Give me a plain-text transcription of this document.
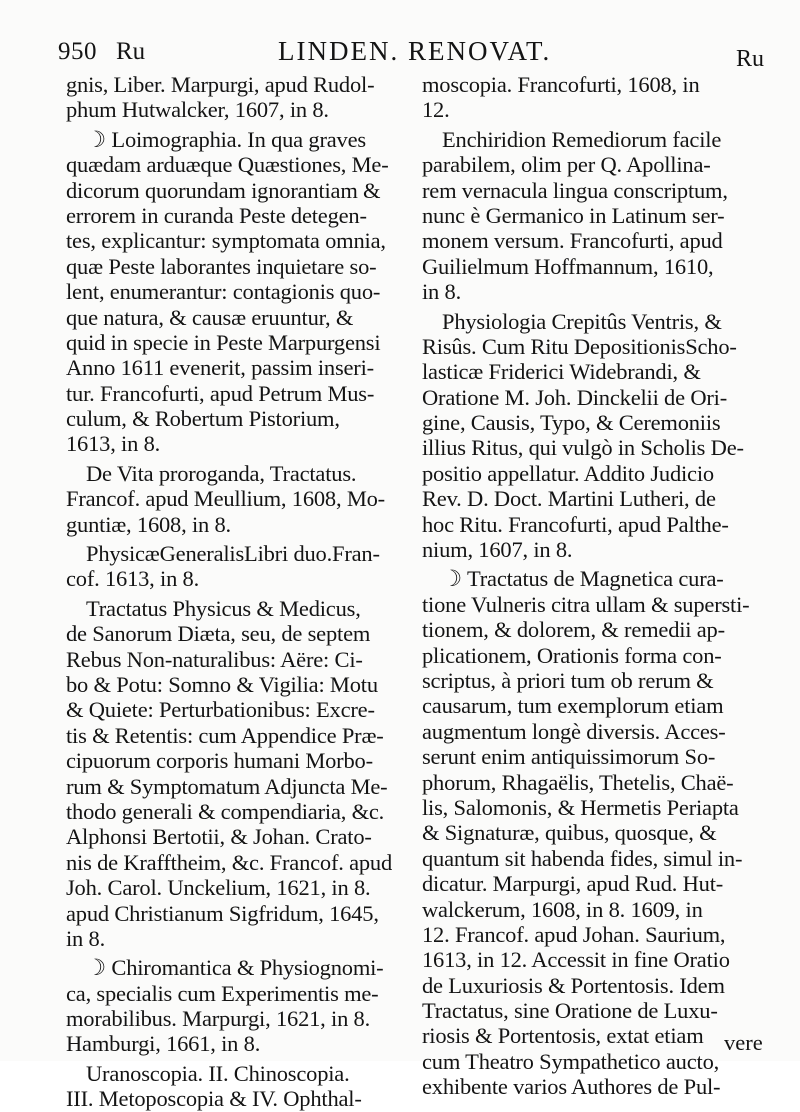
950 Ru	LINDEN. RENOVAT.	Ru
gnis, Liber. Marpurgi, apud Rudol-
phum Hutwalcker, 1607, in 8.
☽ Loimographia. In qua graves
quædam arduæque Quæstiones, Me-
dicorum quorundam ignorantiam &
errorem in curanda Peste detegen-
tes, explicantur: symptomata omnia,
quæ Peste laborantes inquietare so-
lent, enumerantur: contagionis quo-
que natura, & causæ eruuntur, &
quid in specie in Peste Marpurgensi
Anno 1611 evenerit, passim inseri-
tur. Francofurti, apud Petrum Mus-
culum, & Robertum Pistorium,
1613, in 8.
De Vita proroganda, Tractatus.
Francof. apud Meullium, 1608, Mo-
guntiæ, 1608, in 8.
PhysicæGeneralisLibri duo.Fran-
cof. 1613, in 8.
Tractatus Physicus & Medicus,
de Sanorum Diæta, seu, de septem
Rebus Non-naturalibus: Aëre: Ci-
bo & Potu: Somno & Vigilia: Motu
& Quiete: Perturbationibus: Excre-
tis & Retentis: cum Appendice Præ-
cipuorum corporis humani Morbo-
rum & Symptomatum Adjuncta Me-
thodo generali & compendiaria, &c.
Alphonsi Bertotii, & Johan. Crato-
nis de Krafftheim, &c. Francof. apud
Joh. Carol. Unckelium, 1621, in 8.
apud Christianum Sigfridum, 1645,
in 8.
☽ Chiromantica & Physiognomi-
ca, specialis cum Experimentis me-
morabilibus. Marpurgi, 1621, in 8.
Hamburgi, 1661, in 8.
Uranoscopia. II. Chinoscopia.
III. Metoposcopia & IV. Ophthal-
moscopia. Francofurti, 1608, in
12.
Enchiridion Remediorum facile
parabilem, olim per Q. Apollina-
rem vernacula lingua conscriptum,
nunc è Germanico in Latinum ser-
monem versum. Francofurti, apud
Guilielmum Hoffmannum, 1610,
in 8.
Physiologia Crepitûs Ventris, &
Risûs. Cum Ritu DepositionisScho-
lasticæ Friderici Widebrandi, &
Oratione M. Joh. Dinckelii de Ori-
gine, Causis, Typo, & Ceremoniis
illius Ritus, qui vulgò in Scholis De-
positio appellatur. Addito Judicio
Rev. D. Doct. Martini Lutheri, de
hoc Ritu. Francofurti, apud Palthe-
nium, 1607, in 8.
☽ Tractatus de Magnetica cura-
tione Vulneris citra ullam & supersti-
tionem, & dolorem, & remedii ap-
plicationem, Orationis forma con-
scriptus, à priori tum ob rerum &
causarum, tum exemplorum etiam
augmentum longè diversis. Acces-
serunt enim antiquissimorum So-
phorum, Rhagaëlis, Thetelis, Chaë-
lis, Salomonis, & Hermetis Periapta
& Signaturæ, quibus, quosque, &
quantum sit habenda fides, simul in-
dicatur. Marpurgi, apud Rud. Hut-
walckerum, 1608, in 8. 1609, in
12. Francof. apud Johan. Saurium,
1613, in 12. Accessit in fine Oratio
de Luxuriosis & Portentosis. Idem
Tractatus, sine Oratione de Luxu-
riosis & Portentosis, extat etiam
cum Theatro Sympathetico aucto,
exhibente varios Authores de Pul-
vere
